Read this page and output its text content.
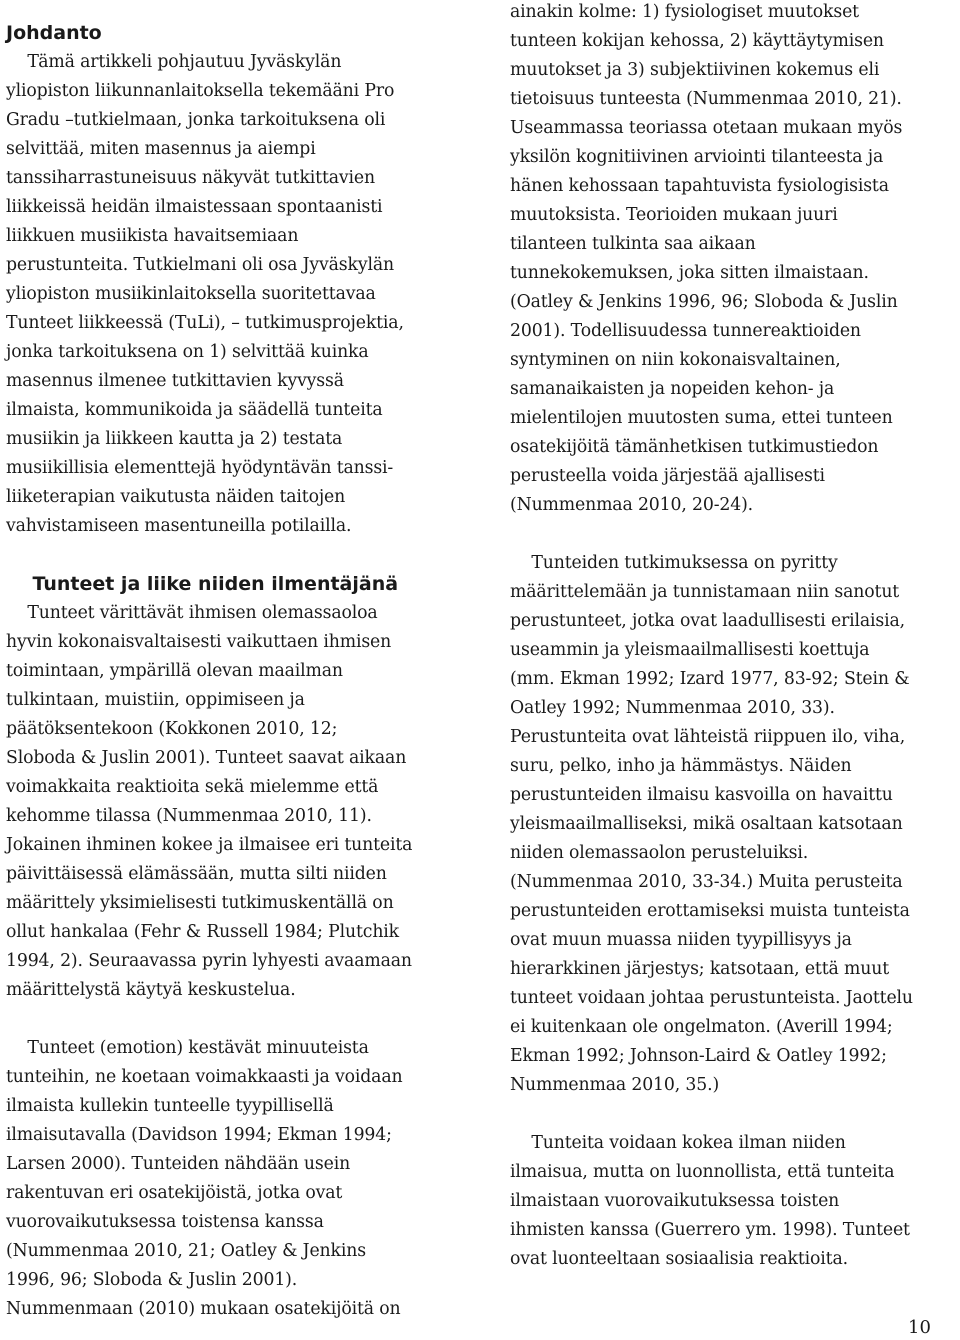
Johdanto
Tämä artikkeli pohjautuu Jyväskylän
yliopiston liikunnanlaitoksella tekemääni Pro
Gradu –tutkielmaan, jonka tarkoituksena oli
selvittää, miten masennus ja aiempi
tanssiharrastuneisuus näkyvät tutkittavien
liikkeissä heidän ilmaistessaan spontaanisti
liikkuen musiikista havaitsemiaan
perustunteita. Tutkielmani oli osa Jyväskylän
yliopiston musiikinlaitoksella suoritettavaa
Tunteet liikkeessä (TuLi), – tutkimusprojektia,
jonka tarkoituksena on 1) selvittää kuinka
masennus ilmenee tutkittavien kyvyssä
ilmaista, kommunikoida ja säädellä tunteita
musiikin ja liikkeen kautta ja 2) testata
musiikillisia elementtejä hyödyntävän tanssi-
liiketerapian vaikutusta näiden taitojen
vahvistamiseen masentuneilla potilailla.
Tunteet ja liike niiden ilmentäjänä
Tunteet värittävät ihmisen olemassaoloa
hyvin kokonaisvaltaisesti vaikuttaen ihmisen
toimintaan, ympärillä olevan maailman
tulkintaan, muistiin, oppimiseen ja
päätöksentekoon (Kokkonen 2010, 12;
Sloboda & Juslin 2001). Tunteet saavat aikaan
voimakkaita reaktioita sekä mielemme että
kehomme tilassa (Nummenmaa 2010, 11).
Jokainen ihminen kokee ja ilmaisee eri tunteita
päivittäisessä elämässään, mutta silti niiden
määrittely yksimielisesti tutkimuskentällä on
ollut hankalaa (Fehr & Russell 1984; Plutchik
1994, 2). Seuraavassa pyrin lyhyesti avaamaan
määrittelystä käytyä keskustelua.
Tunteet (emotion) kestävät minuuteista
tunteihin, ne koetaan voimakkaasti ja voidaan
ilmaista kullekin tunteelle tyypillisellä
ilmaisutavalla (Davidson 1994; Ekman 1994;
Larsen 2000). Tunteiden nähdään usein
rakentuvan eri osatekijöistä, jotka ovat
vuorovaikutuksessa toistensa kanssa
(Nummenmaa 2010, 21; Oatley & Jenkins
1996, 96; Sloboda & Juslin 2001).
Nummenmaan (2010) mukaan osatekijöitä on
ainakin kolme: 1) fysiologiset muutokset
tunteen kokijan kehossa, 2) käyttäytymisen
muutokset ja 3) subjektiivinen kokemus eli
tietoisuus tunteesta (Nummenmaa 2010, 21).
Useammassa teoriassa otetaan mukaan myös
yksilön kognitiivinen arviointi tilanteesta ja
hänen kehossaan tapahtuvista fysiologisista
muutoksista. Teorioiden mukaan juuri
tilanteen tulkinta saa aikaan
tunnekokemuksen, joka sitten ilmaistaan.
(Oatley & Jenkins 1996, 96; Sloboda & Juslin
2001). Todellisuudessa tunnereaktioiden
syntyminen on niin kokonaisvaltainen,
samanaikaisten ja nopeiden kehon- ja
mielentilojen muutosten suma, ettei tunteen
osatekijöitä tämänhetkisen tutkimustiedon
perusteella voida järjestää ajallisesti
(Nummenmaa 2010, 20-24).
Tunteiden tutkimuksessa on pyritty
määrittelemään ja tunnistamaan niin sanotut
perustunteet, jotka ovat laadullisesti erilaisia,
useammin ja yleismaailmallisesti koettuja
(mm. Ekman 1992; Izard 1977, 83-92; Stein &
Oatley 1992; Nummenmaa 2010, 33).
Perustunteita ovat lähteistä riippuen ilo, viha,
suru, pelko, inho ja hämmästys. Näiden
perustunteiden ilmaisu kasvoilla on havaittu
yleismaailmalliseksi, mikä osaltaan katsotaan
niiden olemassaolon perusteluiksi.
(Nummenmaa 2010, 33-34.) Muita perusteita
perustunteiden erottamiseksi muista tunteista
ovat muun muassa niiden tyypillisyys ja
hierarkkinen järjestys; katsotaan, että muut
tunteet voidaan johtaa perustunteista. Jaottelu
ei kuitenkaan ole ongelmaton. (Averill 1994;
Ekman 1992; Johnson-Laird & Oatley 1992;
Nummenmaa 2010, 35.)
Tunteita voidaan kokea ilman niiden
ilmaisua, mutta on luonnollista, että tunteita
ilmaistaan vuorovaikutuksessa toisten
ihmisten kanssa (Guerrero ym. 1998). Tunteet
ovat luonteeltaan sosiaalisia reaktioita.
10
